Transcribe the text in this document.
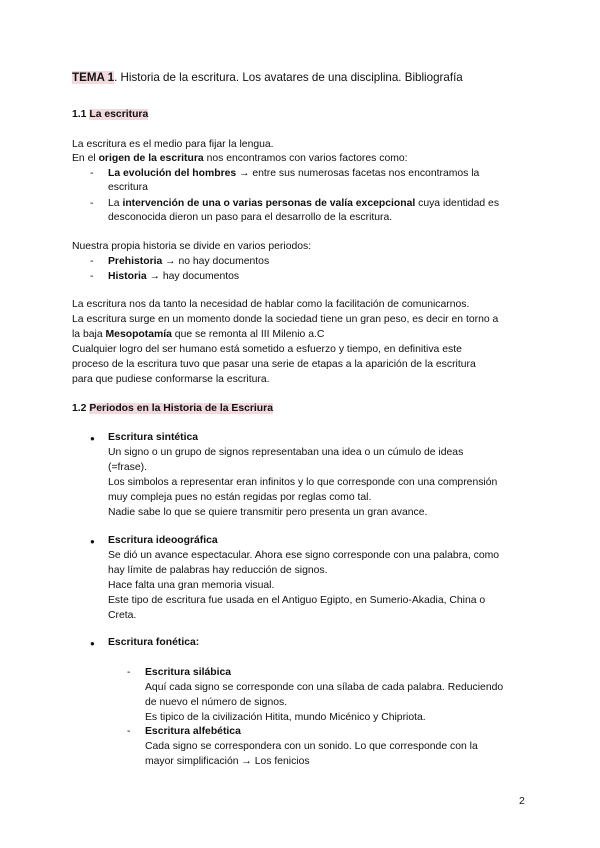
TEMA 1. Historia de la escritura. Los avatares de una disciplina. Bibliografía
1.1 La escritura
La escritura es el medio para fijar la lengua.
En el origen de la escritura nos encontramos con varios factores como:
- La evolución del hombres → entre sus numerosas facetas nos encontramos la
escritura
- La intervención de una o varias personas de valía excepcional cuya identidad es
desconocida dieron un paso para el desarrollo de la escritura.
Nuestra propia historia se divide en varios periodos:
- Prehistoria → no hay documentos
- Historia → hay documentos
La escritura nos da tanto la necesidad de hablar como la facilitación de comunicarnos.
La escritura surge en un momento donde la sociedad tiene un gran peso, es decir en torno a
la baja Mesopotamía que se remonta al III Milenio a.C
Cualquier logro del ser humano está sometido a esfuerzo y tiempo, en definitiva este
proceso de la escritura tuvo que pasar una serie de etapas a la aparición de la escritura
para que pudiese conformarse la escritura.
1.2 Periodos en la Historia de la Escriura
● Escritura sintética
Un signo o un grupo de signos representaban una idea o un cúmulo de ideas
(=frase).
Los simbolos a representar eran infinitos y lo que corresponde con una comprensión
muy compleja pues no están regidas por reglas como tal.
Nadie sabe lo que se quiere transmitir pero presenta un gran avance.
● Escritura ideoográfica
Se dió un avance espectacular. Ahora ese signo corresponde con una palabra, como
hay límite de palabras hay reducción de signos.
Hace falta una gran memoria visual.
Este tipo de escritura fue usada en el Antiguo Egipto, en Sumerio-Akadia, China o
Creta.
● Escritura fonética:
- Escritura silábica
Aquí cada signo se corresponde con una sílaba de cada palabra. Reduciendo
de nuevo el número de signos.
Es tipico de la civilización Hitita, mundo Micénico y Chipriota.
- Escritura alfebética
Cada signo se correspondera con un sonido. Lo que corresponde con la
mayor simplificación → Los fenicios
2
